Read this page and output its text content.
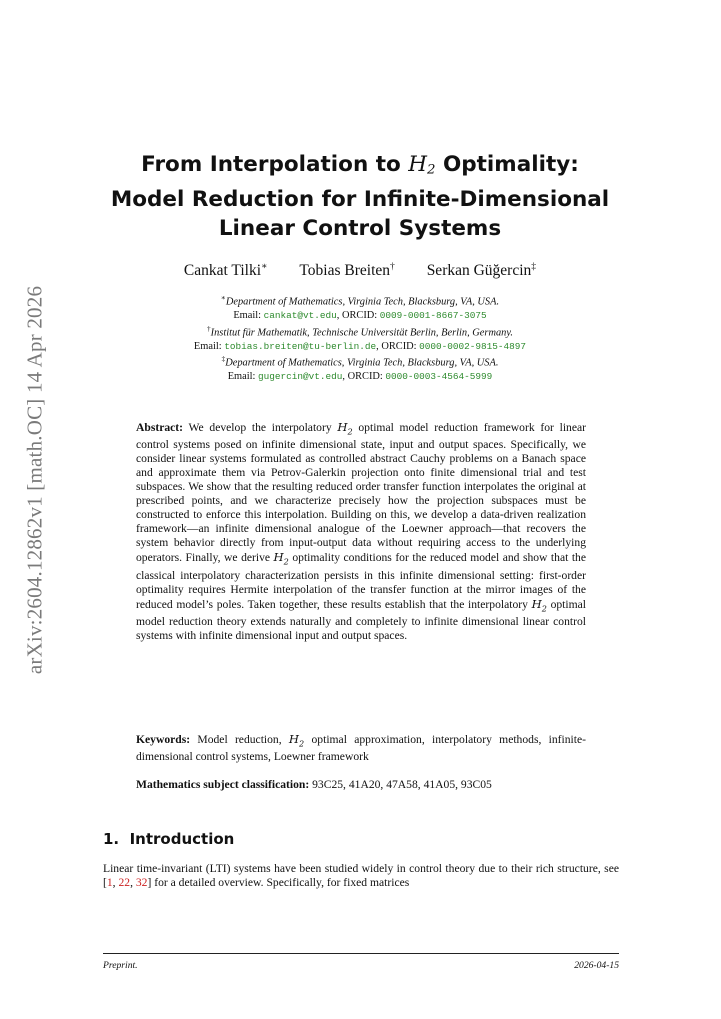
arXiv:2604.12862v1 [math.OC] 14 Apr 2026
From Interpolation to $H_2$ Optimality:
Model Reduction for Infinite-Dimensional
Linear Control Systems
Cankat Tilki∗ Tobias Breiten† Serkan Güğercin‡
∗Department of Mathematics, Virginia Tech, Blacksburg, VA, USA.
Email: cankat@vt.edu, ORCID: 0009-0001-8667-3075
†Institut für Mathematik, Technische Universität Berlin, Berlin, Germany.
Email: tobias.breiten@tu-berlin.de, ORCID: 0000-0002-9815-4897
‡Department of Mathematics, Virginia Tech, Blacksburg, VA, USA.
Email: gugercin@vt.edu, ORCID: 0000-0003-4564-5999

Abstract: We develop the interpolatory $H_2$ optimal model reduction framework for linear control systems posed on infinite dimensional state, input and output spaces. Specifically, we consider linear systems formulated as controlled abstract Cauchy problems on a Banach space and approximate them via Petrov-Galerkin projection onto finite dimensional trial and test subspaces. We show that the resulting reduced order transfer function interpolates the original at prescribed points, and we characterize precisely how the projection subspaces must be constructed to enforce this interpolation. Building on this, we develop a data-driven realization framework—an infinite dimensional analogue of the Loewner approach—that recovers the system behavior directly from input-output data without requiring access to the underlying operators. Finally, we derive $H_2$ optimality conditions for the reduced model and show that the classical interpolatory characterization persists in this infinite dimensional setting: first-order optimality requires Hermite interpolation of the transfer function at the mirror images of the reduced model’s poles. Taken together, these results establish that the interpolatory $H_2$ optimal model reduction theory extends naturally and completely to infinite dimensional linear control systems with infinite dimensional input and output spaces.

Keywords: Model reduction, $H_2$ optimal approximation, interpolatory methods, infinite-dimensional control systems, Loewner framework
Mathematics subject classification: 93C25, 41A20, 47A58, 41A05, 93C05
1. Introduction
Linear time-invariant (LTI) systems have been studied widely in control theory due to their rich structure, see [1, 22, 32] for a detailed overview. Specifically, for fixed matrices
Preprint.	2026-04-15
